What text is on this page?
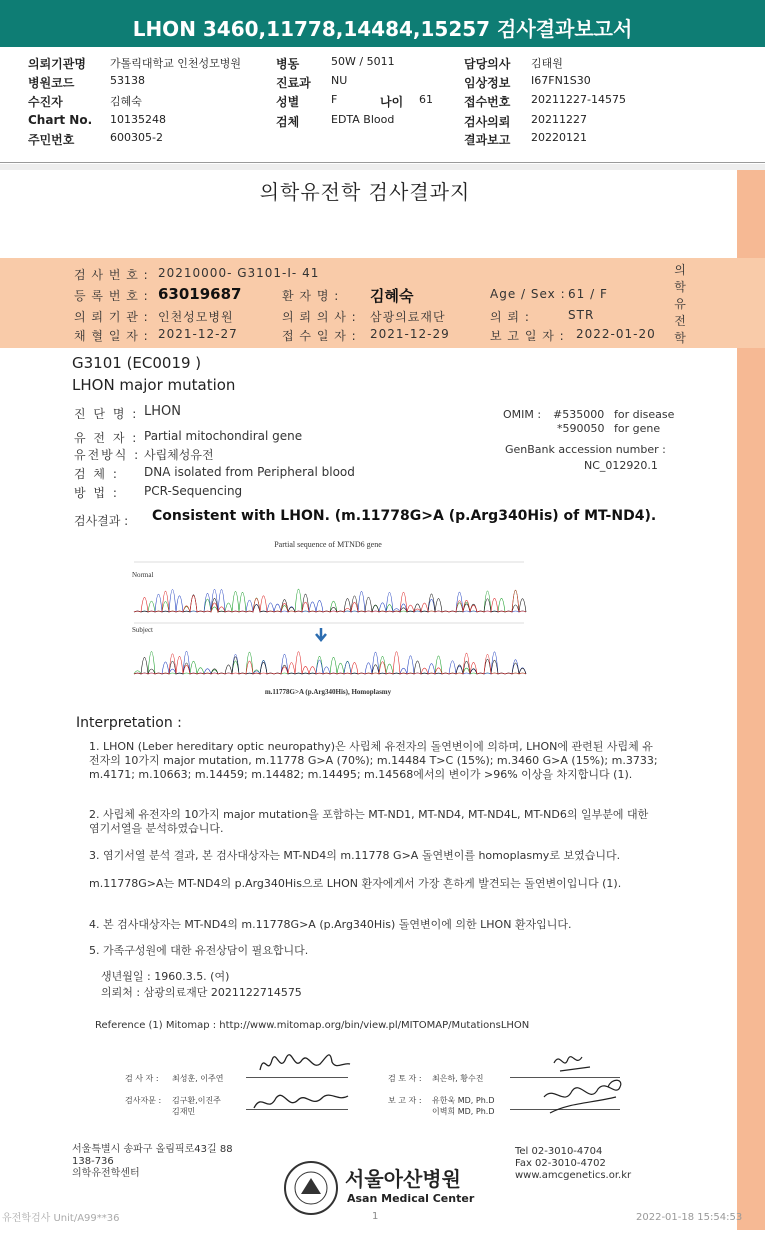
LHON 3460,11778,14484,15257 검사결과보고서
의뢰기관명 가톨릭대학교 인천성모병원	병동	50W / 5011	담당의사 김태원
병원코드	53138	진료과 NU	임상정보 I67FN1S30
수진자	김혜숙	성별	F	나이 61	접수번호 20211227-14575
Chart No. 10135248	검체	EDTA Blood	검사의뢰 20211227
주민번호	600305-2	결과보고 20220121
의학유전학 검사결과지
의
학
유
전
학
검 사 번 호 : 20210000- G3101-I- 41
등 록 번 호 : 63019687	환 자 명 : 김혜숙	Age / Sex : 61 / F
의 뢰 기 관 : 인천성모병원	의 뢰 의 사 : 삼광의료재단	의 뢰 :	STR
채 혈 일 자 : 2021-12-27	접 수 일 자 : 2021-12-29	보 고 일 자 : 2022-01-20
G3101 (EC0019 )
LHON major mutation
진 단 명 : LHON
유 전 자 : Partial mitochondiral gene
유전방식 : 사립체성유전
검 체 : DNA isolated from Peripheral blood
방 법 : PCR-Sequencing
OMIM : #535000 for disease
*590050 for gene
GenBank accession number :
NC_012920.1
검사결과 : Consistent with LHON. (m.11778G>A (p.Arg340His) of MT-ND4).
Partial sequence of MTND6 gene
Normal
Subject
m.11778G>A (p.Arg340His), Homoplasmy
Interpretation :
1. LHON (Leber hereditary optic neuropathy)은 사립체 유전자의 돌연변이에 의하며, LHON에 관련된 사립체 유전자의 10가지 major mutation, m.11778 G>A (70%); m.14484 T>C (15%); m.3460 G>A (15%); m.3733; m.4171; m.10663; m.14459; m.14482; m.14495; m.14568에서의 변이가 >96% 이상을 차지합니다 (1).
2. 사립체 유전자의 10가지 major mutation을 포함하는 MT-ND1, MT-ND4, MT-ND4L, MT-ND6의 일부분에 대한 염기서열을 분석하였습니다.
3. 염기서열 분석 결과, 본 검사대상자는 MT-ND4의 m.11778 G>A 돌연변이를 homoplasmy로 보였습니다.
m.11778G>A는 MT-ND4의 p.Arg340His으로 LHON 환자에게서 가장 흔하게 발견되는 돌연변이입니다 (1).
4. 본 검사대상자는 MT-ND4의 m.11778G>A (p.Arg340His) 돌연변이에 의한 LHON 환자입니다.
5. 가족구성원에 대한 유전상담이 필요합니다.
생년월일 : 1960.3.5. (여)
의뢰처 : 삼광의료재단 2021122714575
Reference (1) Mitomap : http://www.mitomap.org/bin/view.pl/MITOMAP/MutationsLHON
검 사 자 : 최성훈, 이주연	검 토 자 : 최은하, 황수진
검사자문 : 김구환,이진주
김재민
보 고 자 : 유한욱 MD, Ph.D
이벽희 MD, Ph.D
서울특별시 송파구 올림픽로43길 88
138-736
의학유전학센터	서울아산병원
Asan Medical Center
Tel 02-3010-4704
Fax 02-3010-4702
www.amcgenetics.or.kr
유전학검사 Unit/A99**36	1	2022-01-18 15:54:53
